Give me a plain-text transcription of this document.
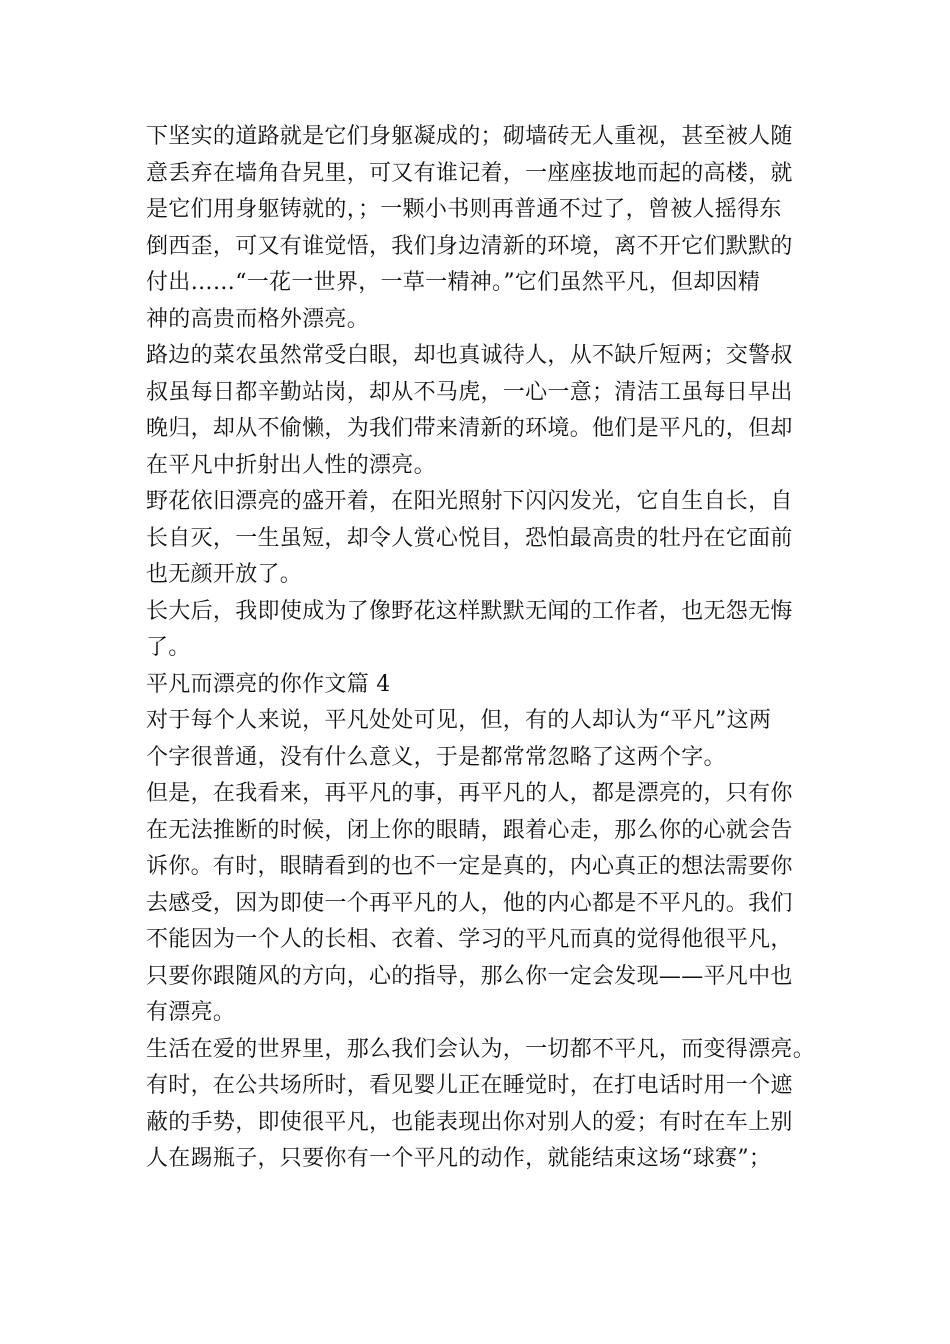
下坚实的道路就是它们身躯凝成的；砌墙砖无人重视，甚至被人随
意丢弃在墙角旮旯里，可又有谁记着，一座座拔地而起的高楼，就
是它们用身躯铸就的，；一颗小书则再普通不过了，曾被人摇得东
倒西歪，可又有谁觉悟，我们身边清新的环境，离不开它们默默的
付出……“一花一世界，一草一精神。”它们虽然平凡，但却因精
神的高贵而格外漂亮。
路边的菜农虽然常受白眼，却也真诚待人，从不缺斤短两；交警叔
叔虽每日都辛勤站岗，却从不马虎，一心一意；清洁工虽每日早出
晚归，却从不偷懒，为我们带来清新的环境。他们是平凡的，但却
在平凡中折射出人性的漂亮。
野花依旧漂亮的盛开着，在阳光照射下闪闪发光，它自生自长，自
长自灭，一生虽短，却令人赏心悦目，恐怕最高贵的牡丹在它面前
也无颜开放了。
长大后，我即使成为了像野花这样默默无闻的工作者，也无怨无悔
了。
平凡而漂亮的你作文篇 4
对于每个人来说，平凡处处可见，但，有的人却认为“平凡”这两
个字很普通，没有什么意义，于是都常常忽略了这两个字。
但是，在我看来，再平凡的事，再平凡的人，都是漂亮的，只有你
在无法推断的时候，闭上你的眼睛，跟着心走，那么你的心就会告
诉你。有时，眼睛看到的也不一定是真的，内心真正的想法需要你
去感受，因为即使一个再平凡的人，他的内心都是不平凡的。我们
不能因为一个人的长相、衣着、学习的平凡而真的觉得他很平凡，
只要你跟随风的方向，心的指导，那么你一定会发现——平凡中也
有漂亮。
生活在爱的世界里，那么我们会认为，一切都不平凡，而变得漂亮。
有时，在公共场所时，看见婴儿正在睡觉时，在打电话时用一个遮
蔽的手势，即使很平凡，也能表现出你对别人的爱；有时在车上别
人在踢瓶子，只要你有一个平凡的动作，就能结束这场“球赛”；
